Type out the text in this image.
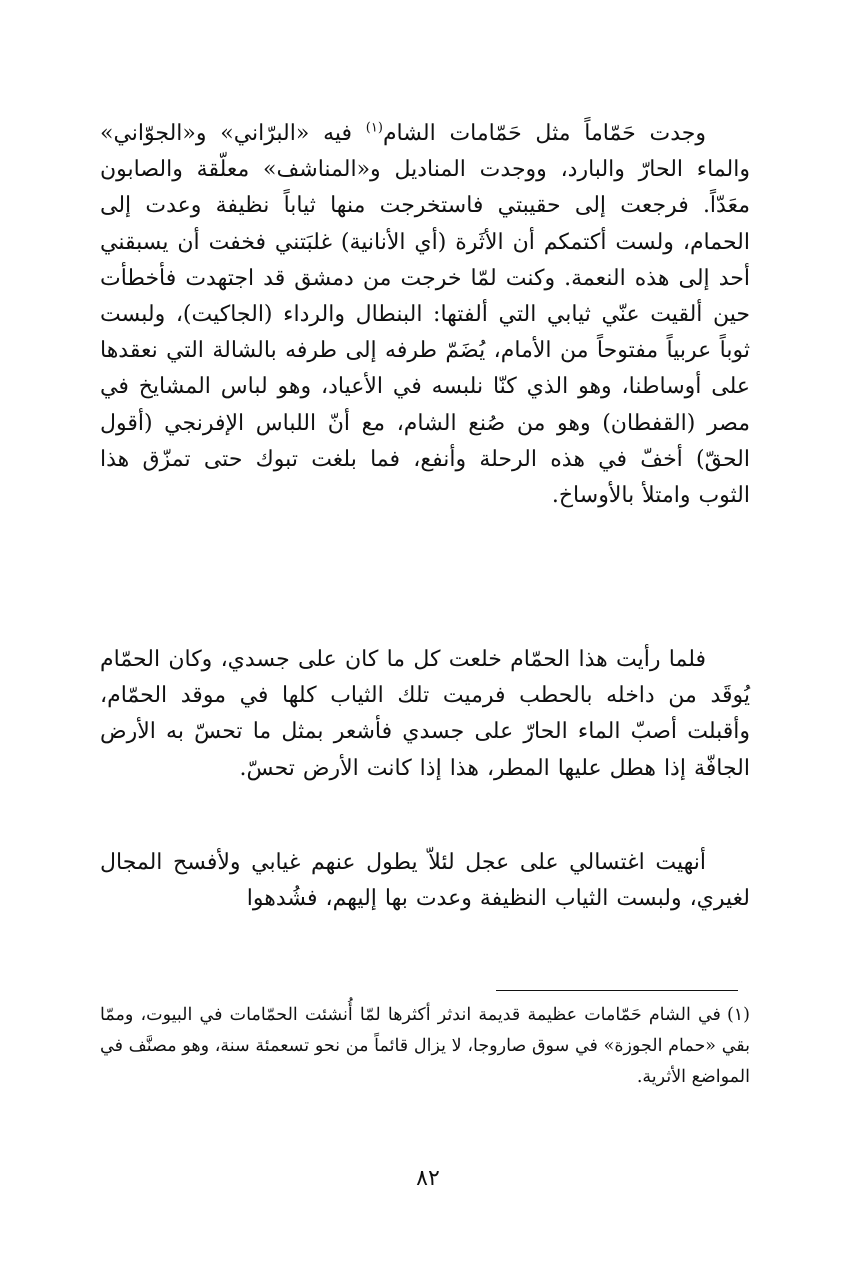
وجدت حَمّاماً مثل حَمّامات الشام$^{(١)}$ فيه «البرّاني» و«الجوّاني» والماء الحارّ والبارد، ووجدت المناديل و«المناشف» معلّقة والصابون معَدّاً. فرجعت إلى حقيبتي فاستخرجت منها ثياباً نظيفة وعدت إلى الحمام، ولست أكتمكم أن الأثَرة (أي الأنانية) غلبَتني فخفت أن يسبقني أحد إلى هذه النعمة. وكنت لمّا خرجت من دمشق قد اجتهدت فأخطأت حين ألقيت عنّي ثيابي التي ألفتها: البنطال والرداء (الجاكيت)، ولبست ثوباً عربياً مفتوحاً من الأمام، يُضَمّ طرفه إلى طرفه بالشالة التي نعقدها على أوساطنا، وهو الذي كنّا نلبسه في الأعياد، وهو لباس المشايخ في مصر (القفطان) وهو من صُنع الشام، مع أنّ اللباس الإفرنجي (أقول الحقّ) أخفّ في هذه الرحلة وأنفع، فما بلغت تبوك حتى تمزّق هذا الثوب وامتلأ بالأوساخ.

فلما رأيت هذا الحمّام خلعت كل ما كان على جسدي، وكان الحمّام يُوقَد من داخله بالحطب فرميت تلك الثياب كلها في موقد الحمّام، وأقبلت أصبّ الماء الحارّ على جسدي فأشعر بمثل ما تحسّ به الأرض الجافّة إذا هطل عليها المطر، هذا إذا كانت الأرض تحسّ.

أنهيت اغتسالي على عجل لئلاّ يطول عنهم غيابي ولأفسح المجال لغيري، ولبست الثياب النظيفة وعدت بها إليهم، فشُدهوا

(١)في الشام حَمّامات عظيمة قديمة اندثر أكثرها لمّا أُنشئت الحمّامات في البيوت، وممّا بقي «حمام الجوزة» في سوق صاروجا، لا يزال قائماً من نحو تسعمئة سنة، وهو مصنَّف في المواضع الأثرية.

٨٢
